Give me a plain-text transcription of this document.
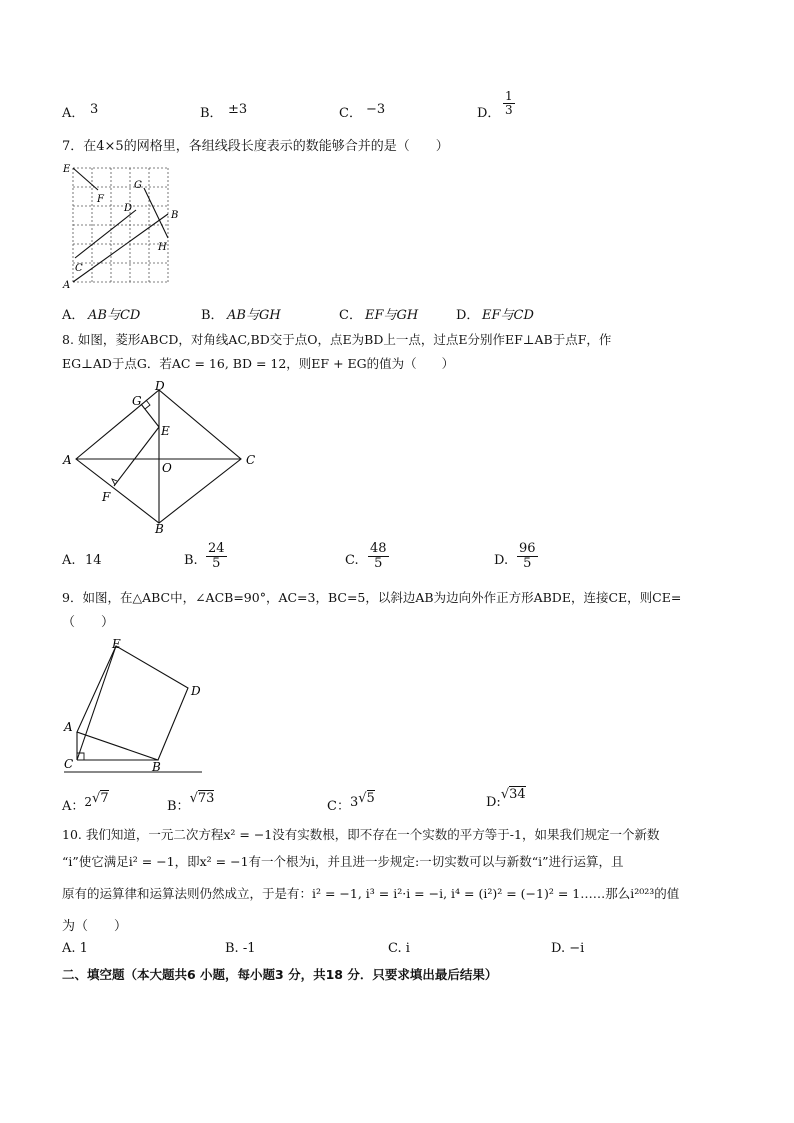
A． 3	B． ±3	C． −3	D． $\frac{1}{3}$
7．在4×5的网格里，各组线段长度表示的数能够合并的是（　　）
E
F
G
D
B
H
C
A
A． AB与CD	B． AB与GH	C． EF与GH	D． EF与CD
8. 如图，菱形ABCD，对角线AC,BD交于点O，点E为BD上一点，过点E分别作EF⊥AB于点F，作
EG⊥AD于点G．若AC = 16, BD = 12，则EF + EG的值为（　　）
D
G
E
A
O
C
F
B
A. 14	B. $\frac{24}{5}$	C. $\frac{48}{5}$	D. $\frac{96}{5}$
9．如图，在△ABC中，∠ACB=90°，AC=3，BC=5，以斜边AB为边向外作正方形ABDE，连接CE，则CE=
（　　）
E
D
A
C	B
A：2√7
B：√73
C：3√5	D:√34
10. 我们知道，一元二次方程x² = −1没有实数根，即不存在一个实数的平方等于-1，如果我们规定一个新数
“i”使它满足i² = −1，即x² = −1有一个根为i，并且进一步规定:一切实数可以与新数“i”进行运算，且
原有的运算律和运算法则仍然成立，于是有：i² = −1, i³ = i²·i = −i, i⁴ = (i²)² = (−1)² = 1……那么i²⁰²³的值
为（　　）
A. 1	B. -1	C. i	D. −i
二、填空题（本大题共6 小题，每小题3 分，共18 分．只要求填出最后结果）
